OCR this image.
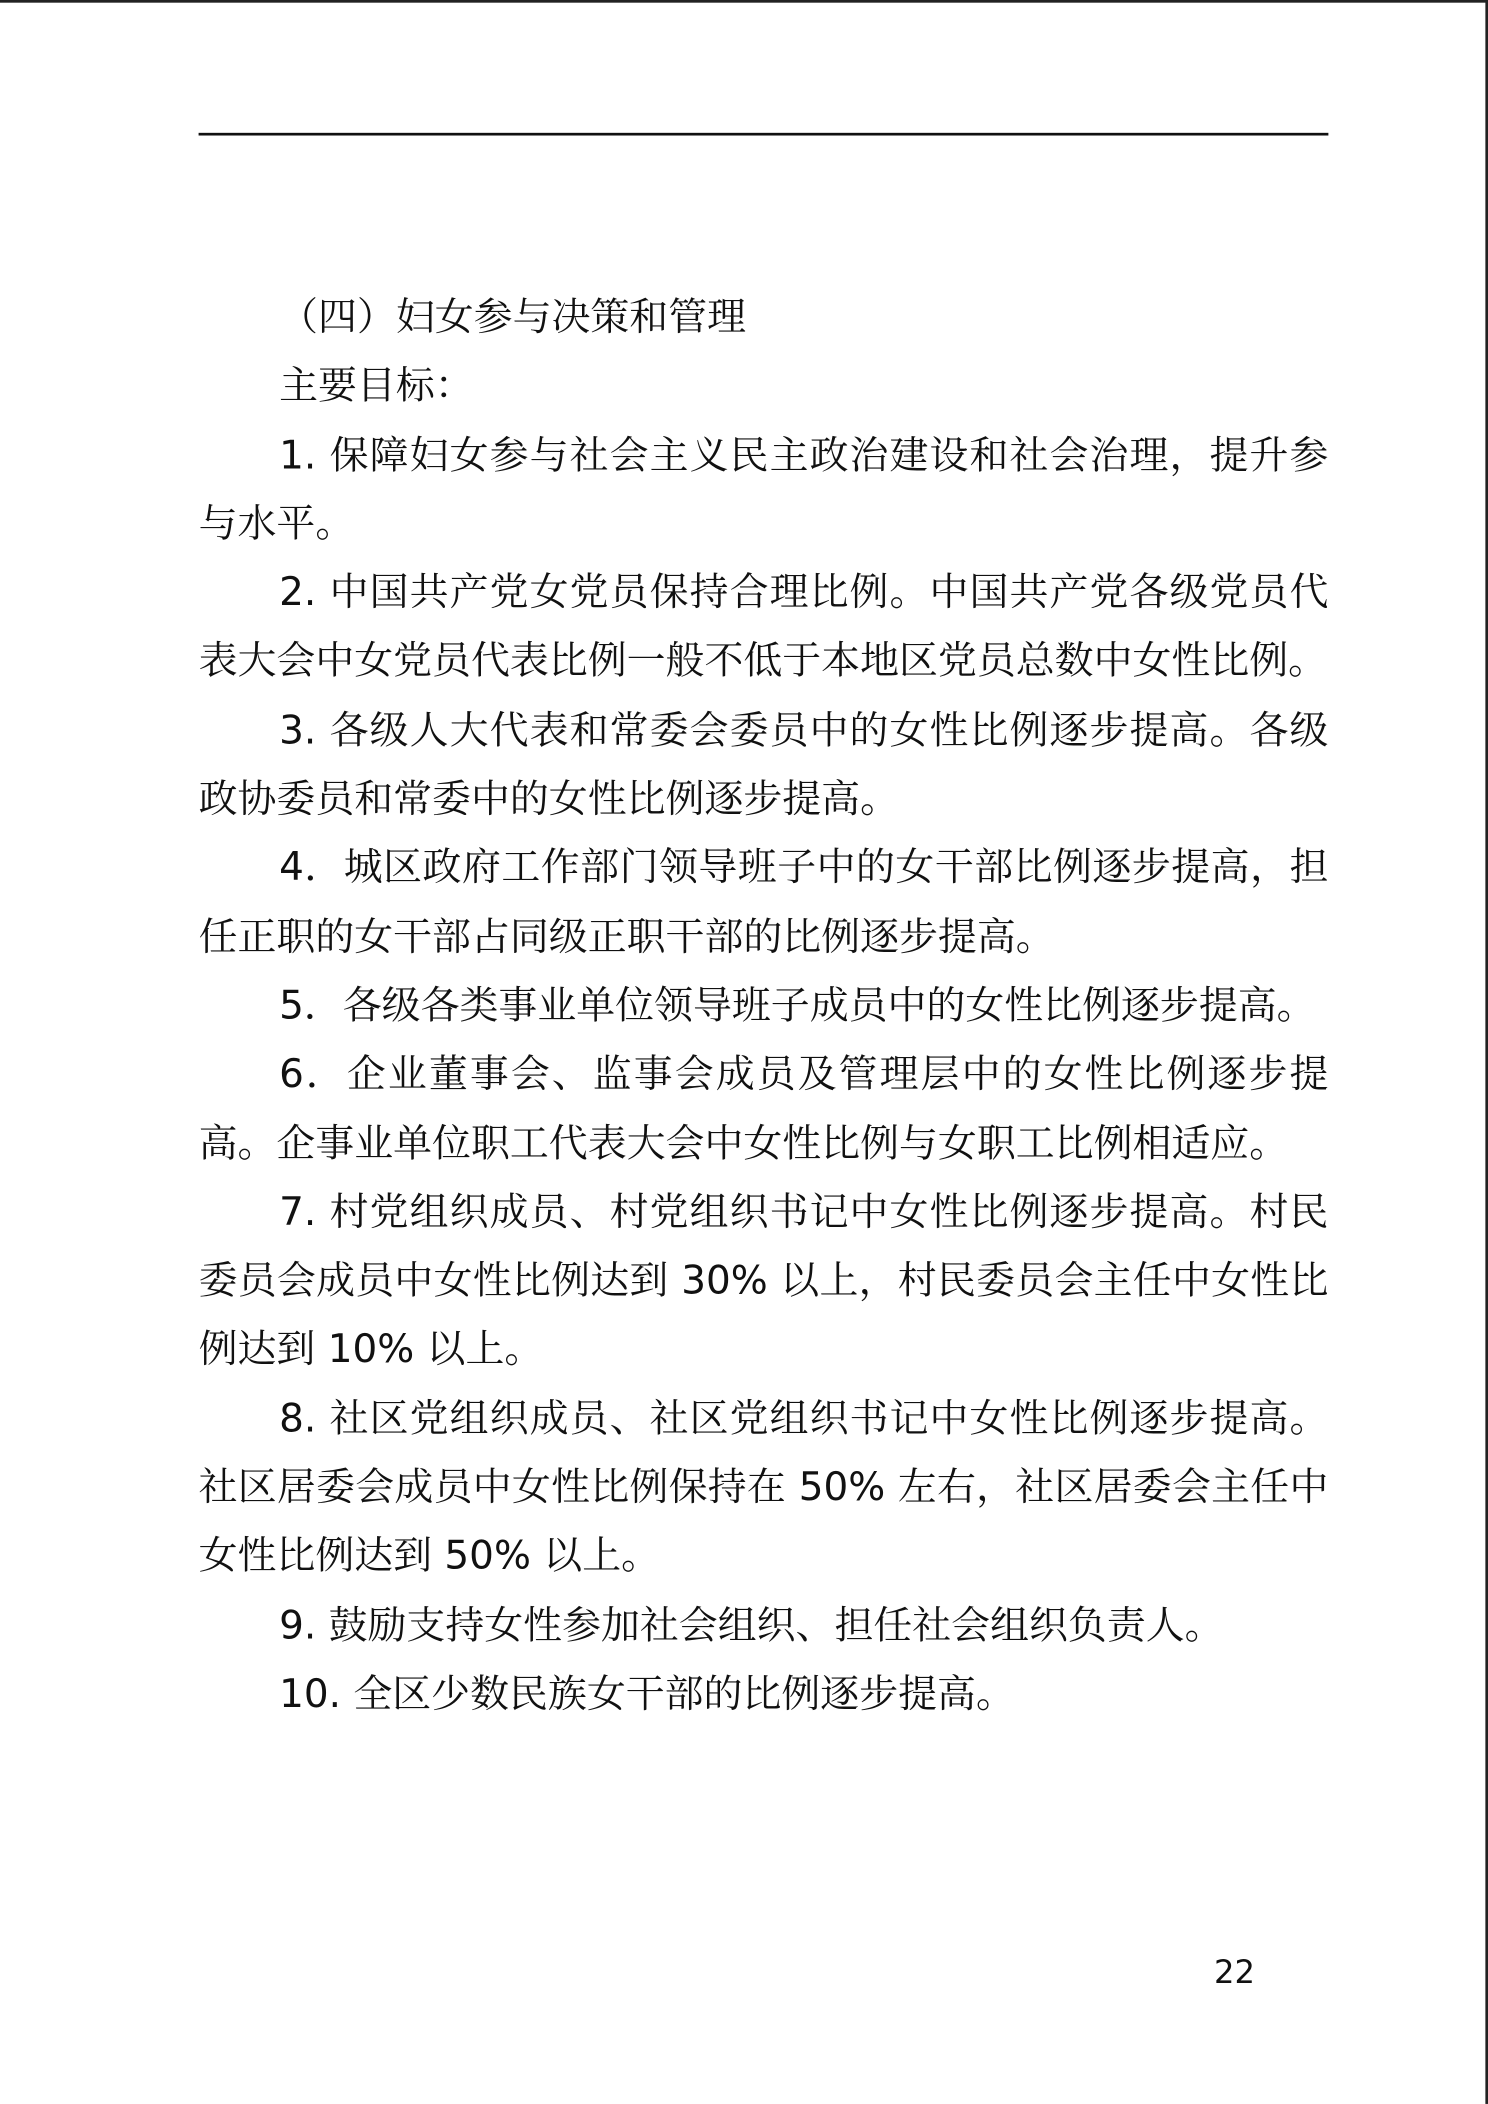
（四）妇女参与决策和管理

主要目标：

1. 保障妇女参与社会主义民主政治建设和社会治理，提升参与水平。

2. 中国共产党女党员保持合理比例。中国共产党各级党员代表大会中女党员代表比例一般不低于本地区党员总数中女性比例。

3. 各级人大代表和常委会委员中的女性比例逐步提高。各级政协委员和常委中的女性比例逐步提高。

4．城区政府工作部门领导班子中的女干部比例逐步提高，担任正职的女干部占同级正职干部的比例逐步提高。

5．各级各类事业单位领导班子成员中的女性比例逐步提高。

6．企业董事会、监事会成员及管理层中的女性比例逐步提高。企事业单位职工代表大会中女性比例与女职工比例相适应。

7. 村党组织成员、村党组织书记中女性比例逐步提高。村民委员会成员中女性比例达到 30% 以上，村民委员会主任中女性比例达到 10% 以上。

8. 社区党组织成员、社区党组织书记中女性比例逐步提高。社区居委会成员中女性比例保持在 50% 左右，社区居委会主任中女性比例达到 50% 以上。

9. 鼓励支持女性参加社会组织、担任社会组织负责人。

10. 全区少数民族女干部的比例逐步提高。

22
